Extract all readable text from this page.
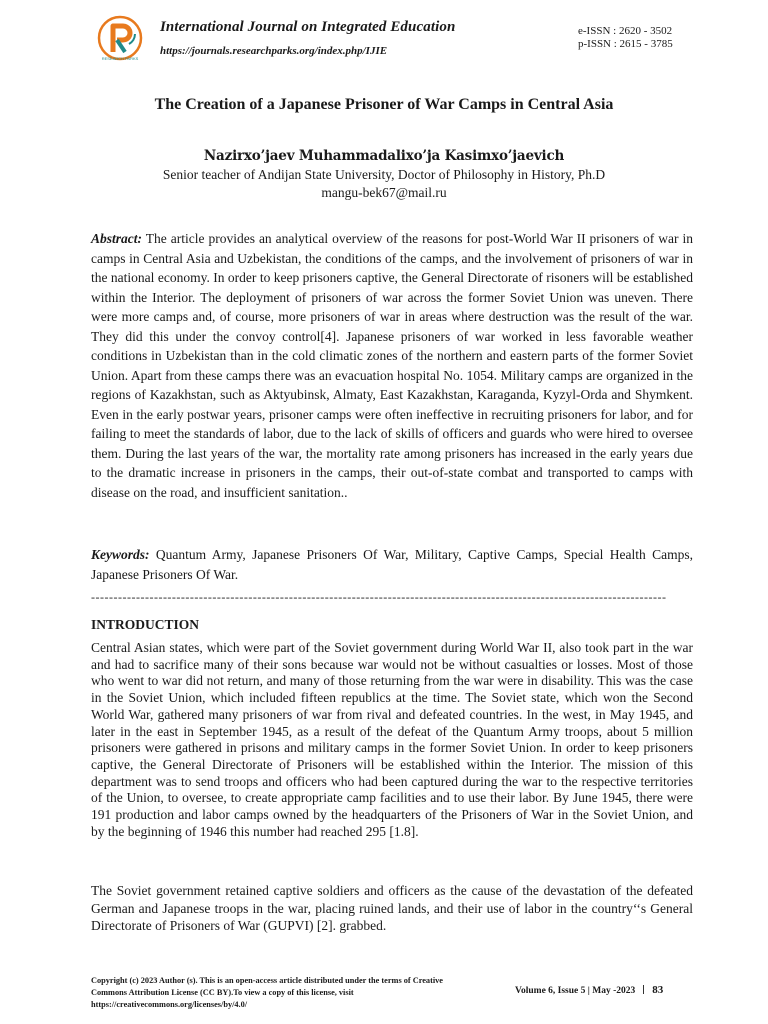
RESEARCH PARKS
International Journal on Integrated Education
https://journals.researchparks.org/index.php/IJIE
e-ISSN : 2620 - 3502
p-ISSN : 2615 - 3785
The Creation of a Japanese Prisoner of War Camps in Central Asia
Nazirxo’jaev Muhammadalixo’ja Kasimxo’jaevich
Senior teacher of Andijan State University, Doctor of Philosophy in History, Ph.D
mangu-bek67@mail.ru
Abstract: The article provides an analytical overview of the reasons for post-World War II prisoners of war in camps in Central Asia and Uzbekistan, the conditions of the camps, and the involvement of prisoners of war in the national economy. In order to keep prisoners captive, the General Directorate of risoners will be established within the Interior. The deployment of prisoners of war across the former Soviet Union was uneven. There were more camps and, of course, more prisoners of war in areas where destruction was the result of the war. They did this under the convoy control[4]. Japanese prisoners of war worked in less favorable weather conditions in Uzbekistan than in the cold climatic zones of the northern and eastern parts of the former Soviet Union. Apart from these camps there was an evacuation hospital No. 1054. Military camps are organized in the regions of Kazakhstan, such as Aktyubinsk, Almaty, East Kazakhstan, Karaganda, Kyzyl-Orda and Shymkent. Even in the early postwar years, prisoner camps were often ineffective in recruiting prisoners for labor, and for failing to meet the standards of labor, due to the lack of skills of officers and guards who were hired to oversee them. During the last years of the war, the mortality rate among prisoners has increased in the early years due to the dramatic increase in prisoners in the camps, their out-of-state combat and transported to camps with disease on the road, and insufficient sanitation..
Keywords: Quantum Army, Japanese Prisoners Of War, Military, Captive Camps, Special Health Camps, Japanese Prisoners Of War.
--------------------------------------------------------------------------------------------------------------------------------
INTRODUCTION
Central Asian states, which were part of the Soviet government during World War II, also took part in the war and had to sacrifice many of their sons because war would not be without casualties or losses. Most of those who went to war did not return, and many of those returning from the war were in disability. This was the case in the Soviet Union, which included fifteen republics at the time. The Soviet state, which won the Second World War, gathered many prisoners of war from rival and defeated countries. In the west, in May 1945, and later in the east in September 1945, as a result of the defeat of the Quantum Army troops, about 5 million prisoners were gathered in prisons and military camps in the former Soviet Union. In order to keep prisoners captive, the General Directorate of Prisoners will be established within the Interior. The mission of this department was to send troops and officers who had been captured during the war to the respective territories of the Union, to oversee, to create appropriate camp facilities and to use their labor. By June 1945, there were 191 production and labor camps owned by the headquarters of the Prisoners of War in the Soviet Union, and by the beginning of 1946 this number had reached 295 [1.8].
The Soviet government retained captive soldiers and officers as the cause of the devastation of the defeated German and Japanese troops in the war, placing ruined lands, and their use of labor in the country‘‘s General Directorate of Prisoners of War (GUPVI) [2]. grabbed.
Copyright (c) 2023 Author (s). This is an open-access article distributed under the terms of Creative Commons Attribution License (CC BY).To view a copy of this license, visit https://creativecommons.org/licenses/by/4.0/
Volume 6, Issue 5 | May -2023 83
